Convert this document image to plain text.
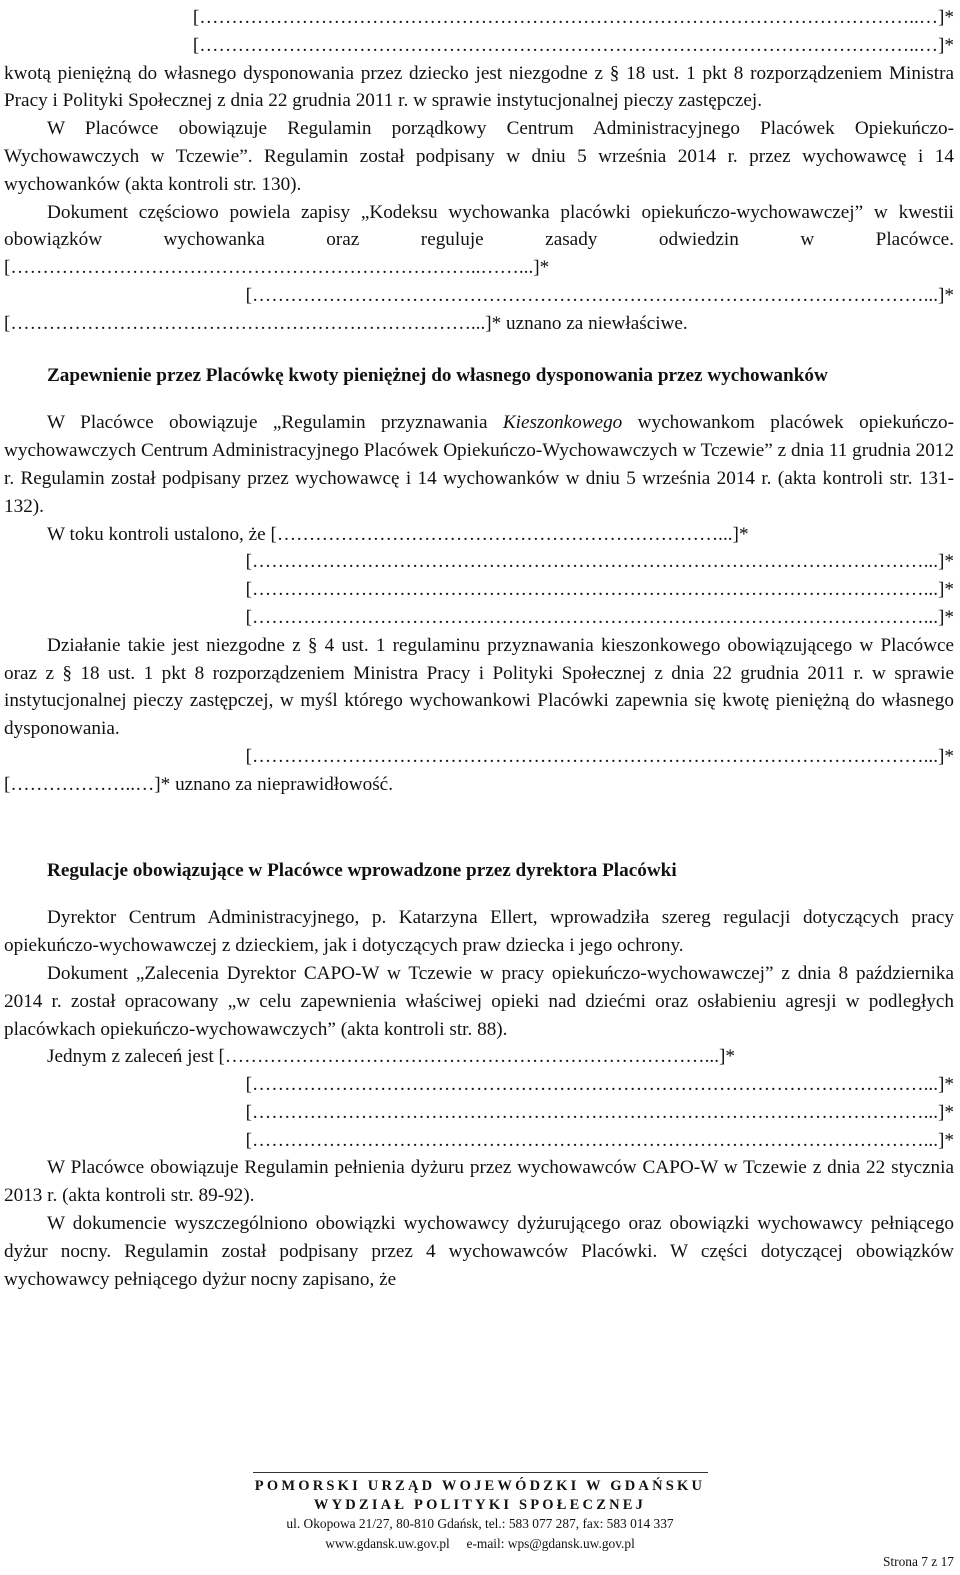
[…………………………………………………………………………………………………..…]*
[…………………………………………………………………………………………………..…]*

kwotą pieniężną do własnego dysponowania przez dziecko jest niezgodne z § 18 ust. 1 pkt 8 rozporządzeniem Ministra Pracy i Polityki Społecznej z dnia 22 grudnia 2011 r. w sprawie instytucjonalnej pieczy zastępczej.

W Placówce obowiązuje Regulamin porządkowy Centrum Administracyjnego Placówek Opiekuńczo-Wychowawczych w Tczewie”. Regulamin został podpisany w dniu 5 września 2014 r. przez wychowawcę i 14 wychowanków (akta kontroli str. 130).

Dokument częściowo powiela zapisy „Kodeksu wychowanka placówki opiekuńczo-wychowawczej” w kwestii obowiązków wychowanka oraz reguluje zasady odwiedzin w Placówce. [………………………………………………………………..……...]*

[……………………………………………………………………………………………...]*
[………………………………………………………………...]* uznano za niewłaściwe.

Zapewnienie przez Placówkę kwoty pieniężnej do własnego dysponowania przez wychowanków

W Placówce obowiązuje „Regulamin przyznawania Kieszonkowego wychowankom placówek opiekuńczo-wychowawczych Centrum Administracyjnego Placówek Opiekuńczo-Wychowawczych w Tczewie” z dnia 11 grudnia 2012 r. Regulamin został podpisany przez wychowawcę i 14 wychowanków w dniu 5 września 2014 r. (akta kontroli str. 131-132).

W toku kontroli ustalono, że [……………………………………………………………...]*

[……………………………………………………………………………………………...]*
[……………………………………………………………………………………………...]*
[……………………………………………………………………………………………...]*

Działanie takie jest niezgodne z § 4 ust. 1 regulaminu przyznawania kieszonkowego obowiązującego w Placówce oraz z § 18 ust. 1 pkt 8 rozporządzeniem Ministra Pracy i Polityki Społecznej z dnia 22 grudnia 2011 r. w sprawie instytucjonalnej pieczy zastępczej, w myśl którego wychowankowi Placówki zapewnia się kwotę pieniężną do własnego dysponowania.

[……………………………………………………………………………………………...]*
[………………..…]* uznano za nieprawidłowość.

Regulacje obowiązujące w Placówce wprowadzone przez dyrektora Placówki

Dyrektor Centrum Administracyjnego, p. Katarzyna Ellert, wprowadziła szereg regulacji dotyczących pracy opiekuńczo-wychowawczej z dzieckiem, jak i dotyczących praw dziecka i jego ochrony.

Dokument „Zalecenia Dyrektor CAPO-W w Tczewie w pracy opiekuńczo-wychowawczej” z dnia 8 października 2014 r. został opracowany „w celu zapewnienia właściwej opieki nad dziećmi oraz osłabieniu agresji w podległych placówkach opiekuńczo-wychowawczych” (akta kontroli str. 88).

Jednym z zaleceń jest […………………………………………………………………...]*

[……………………………………………………………………………………………...]*
[……………………………………………………………………………………………...]*
[……………………………………………………………………………………………...]*

W Placówce obowiązuje Regulamin pełnienia dyżuru przez wychowawców CAPO-W w Tczewie z dnia 22 stycznia 2013 r. (akta kontroli str. 89-92).

W dokumencie wyszczególniono obowiązki wychowawcy dyżurującego oraz obowiązki wychowawcy pełniącego dyżur nocny. Regulamin został podpisany przez 4 wychowawców Placówki. W części dotyczącej obowiązków wychowawcy pełniącego dyżur nocny zapisano, że

POMORSKI URZĄD WOJEWÓDZKI W GDAŃSKU
WYDZIAŁ POLITYKI SPOŁECZNEJ
ul. Okopowa 21/27, 80-810 Gdańsk, tel.: 583 077 287, fax: 583 014 337
www.gdansk.uw.gov.pl     e-mail: wps@gdansk.uw.gov.pl
Strona 7 z 17
